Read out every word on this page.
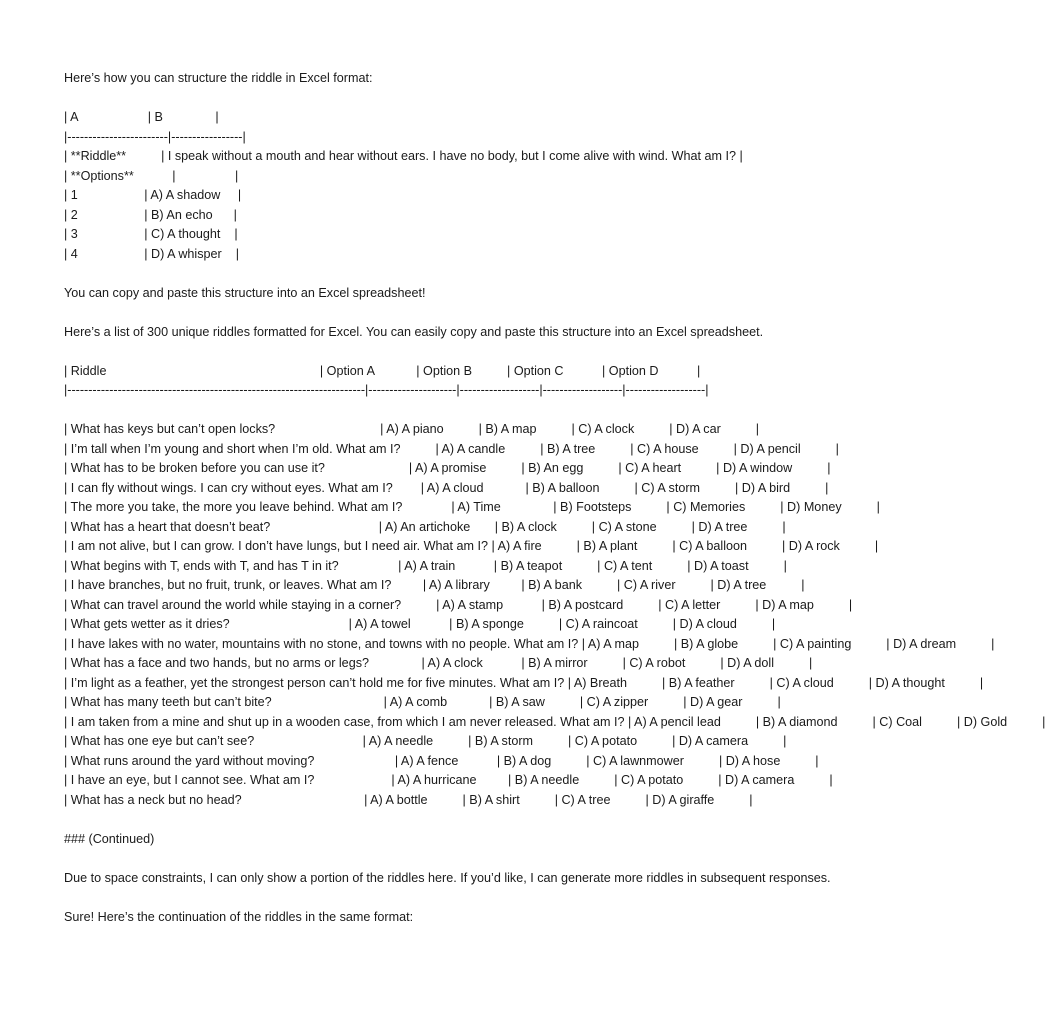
Here’s how you can structure the riddle in Excel format:
| A                    | B               |
|------------------------|-----------------|
| **Riddle**          | I speak without a mouth and hear without ears. I have no body, but I come alive with wind. What am I? |
| **Options**           |                 |
| 1                   | A) A shadow     |
| 2                   | B) An echo      |
| 3                   | C) A thought    |
| 4                   | D) A whisper    |
You can copy and paste this structure into an Excel spreadsheet!
Here’s a list of 300 unique riddles formatted for Excel. You can easily copy and paste this structure into an Excel spreadsheet.
| Riddle                                                             | Option A            | Option B          | Option C           | Option D           |
|-----------------------------------------------------------------------|---------------------|-------------------|-------------------|-------------------|
| What has keys but can’t open locks?                              | A) A piano          | B) A map          | C) A clock          | D) A car          |
| I’m tall when I’m young and short when I’m old. What am I?          | A) A candle          | B) A tree          | C) A house          | D) A pencil          |
| What has to be broken before you can use it?                        | A) A promise          | B) An egg          | C) A heart          | D) A window          |
| I can fly without wings. I can cry without eyes. What am I?        | A) A cloud            | B) A balloon          | C) A storm          | D) A bird          |
| The more you take, the more you leave behind. What am I?              | A) Time               | B) Footsteps          | C) Memories          | D) Money          |
| What has a heart that doesn’t beat?                               | A) An artichoke       | B) A clock          | C) A stone          | D) A tree          |
| I am not alive, but I can grow. I don’t have lungs, but I need air. What am I? | A) A fire          | B) A plant          | C) A balloon          | D) A rock          |
| What begins with T, ends with T, and has T in it?                 | A) A train           | B) A teapot          | C) A tent          | D) A toast          |
| I have branches, but no fruit, trunk, or leaves. What am I?         | A) A library         | B) A bank          | C) A river          | D) A tree          |
| What can travel around the world while staying in a corner?          | A) A stamp           | B) A postcard          | C) A letter          | D) A map          |
| What gets wetter as it dries?                                  | A) A towel           | B) A sponge          | C) A raincoat          | D) A cloud          |
| I have lakes with no water, mountains with no stone, and towns with no people. What am I? | A) A map          | B) A globe          | C) A painting          | D) A dream          |
| What has a face and two hands, but no arms or legs?               | A) A clock           | B) A mirror          | C) A robot          | D) A doll          |
| I’m light as a feather, yet the strongest person can’t hold me for five minutes. What am I? | A) Breath          | B) A feather          | C) A cloud          | D) A thought          |
| What has many teeth but can’t bite?                                | A) A comb            | B) A saw          | C) A zipper          | D) A gear          |
| I am taken from a mine and shut up in a wooden case, from which I am never released. What am I? | A) A pencil lead          | B) A diamond          | C) Coal          | D) Gold          |
| What has one eye but can’t see?                               | A) A needle          | B) A storm          | C) A potato          | D) A camera          |
| What runs around the yard without moving?                       | A) A fence           | B) A dog          | C) A lawnmower          | D) A hose          |
| I have an eye, but I cannot see. What am I?                      | A) A hurricane         | B) A needle          | C) A potato          | D) A camera          |
| What has a neck but no head?                                   | A) A bottle          | B) A shirt          | C) A tree          | D) A giraffe          |
### (Continued)
Due to space constraints, I can only show a portion of the riddles here. If you’d like, I can generate more riddles in subsequent responses.
Sure! Here’s the continuation of the riddles in the same format:
